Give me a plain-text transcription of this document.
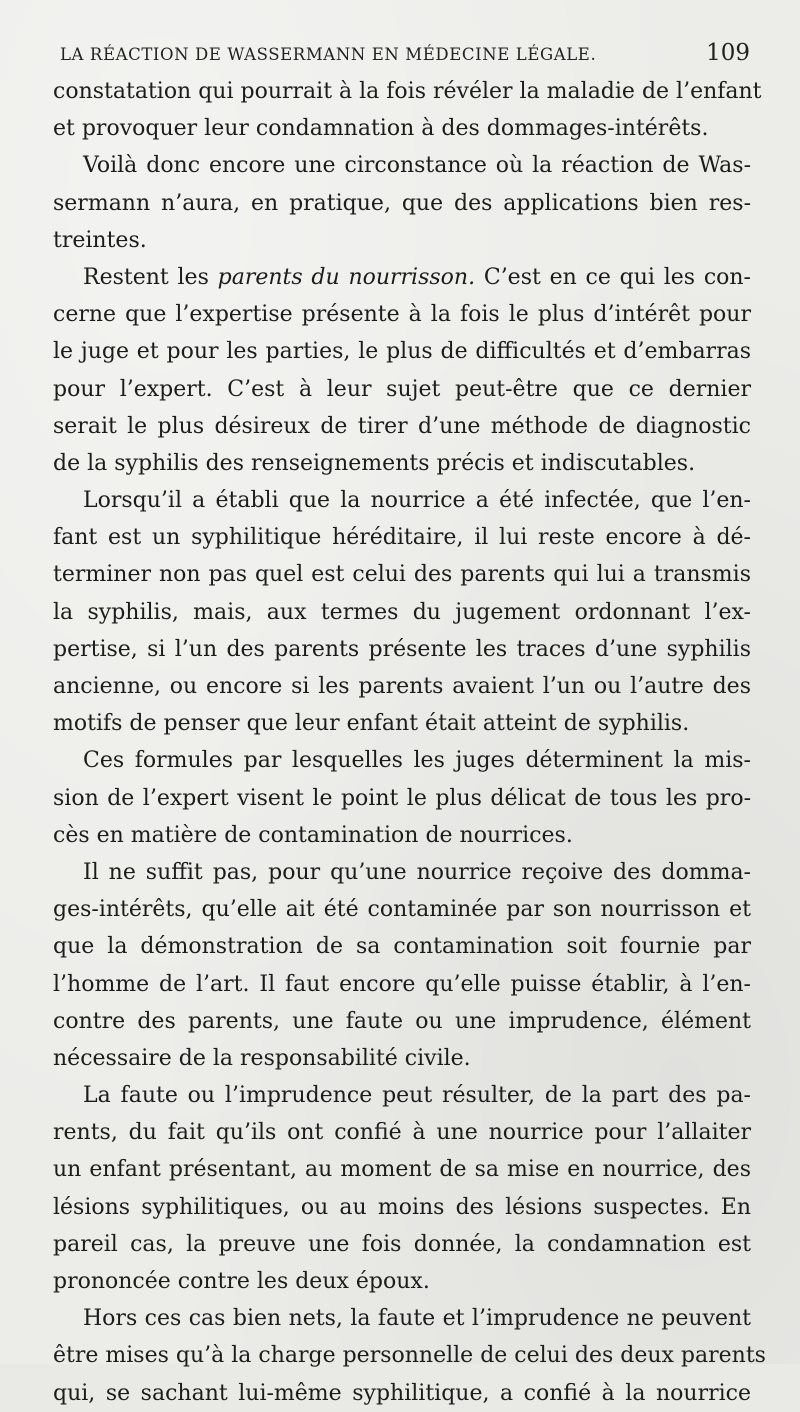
LA RÉACTION DE WASSERMANN EN MÉDECINE LÉGALE.	109
constatation qui pourrait à la fois révéler la maladie de l’enfant
et provoquer leur condamnation à des dommages-intérêts.
Voilà donc encore une circonstance où la réaction de Was-
sermann n’aura, en pratique, que des applications bien res-
treintes.
Restent les parents du nourrisson. C’est en ce qui les con-
cerne que l’expertise présente à la fois le plus d’intérêt pour
le juge et pour les parties, le plus de difficultés et d’embarras
pour l’expert. C’est à leur sujet peut-être que ce dernier
serait le plus désireux de tirer d’une méthode de diagnostic
de la syphilis des renseignements précis et indiscutables.
Lorsqu’il a établi que la nourrice a été infectée, que l’en-
fant est un syphilitique héréditaire, il lui reste encore à dé-
terminer non pas quel est celui des parents qui lui a transmis
la syphilis, mais, aux termes du jugement ordonnant l’ex-
pertise, si l’un des parents présente les traces d’une syphilis
ancienne, ou encore si les parents avaient l’un ou l’autre des
motifs de penser que leur enfant était atteint de syphilis.
Ces formules par lesquelles les juges déterminent la mis-
sion de l’expert visent le point le plus délicat de tous les pro-
cès en matière de contamination de nourrices.
Il ne suffit pas, pour qu’une nourrice reçoive des domma-
ges-intérêts, qu’elle ait été contaminée par son nourrisson et
que la démonstration de sa contamination soit fournie par
l’homme de l’art. Il faut encore qu’elle puisse établir, à l’en-
contre des parents, une faute ou une imprudence, élément
nécessaire de la responsabilité civile.
La faute ou l’imprudence peut résulter, de la part des pa-
rents, du fait qu’ils ont confié à une nourrice pour l’allaiter
un enfant présentant, au moment de sa mise en nourrice, des
lésions syphilitiques, ou au moins des lésions suspectes. En
pareil cas, la preuve une fois donnée, la condamnation est
prononcée contre les deux époux.
Hors ces cas bien nets, la faute et l’imprudence ne peuvent
être mises qu’à la charge personnelle de celui des deux parents
qui, se sachant lui-même syphilitique, a confié à la nourrice
